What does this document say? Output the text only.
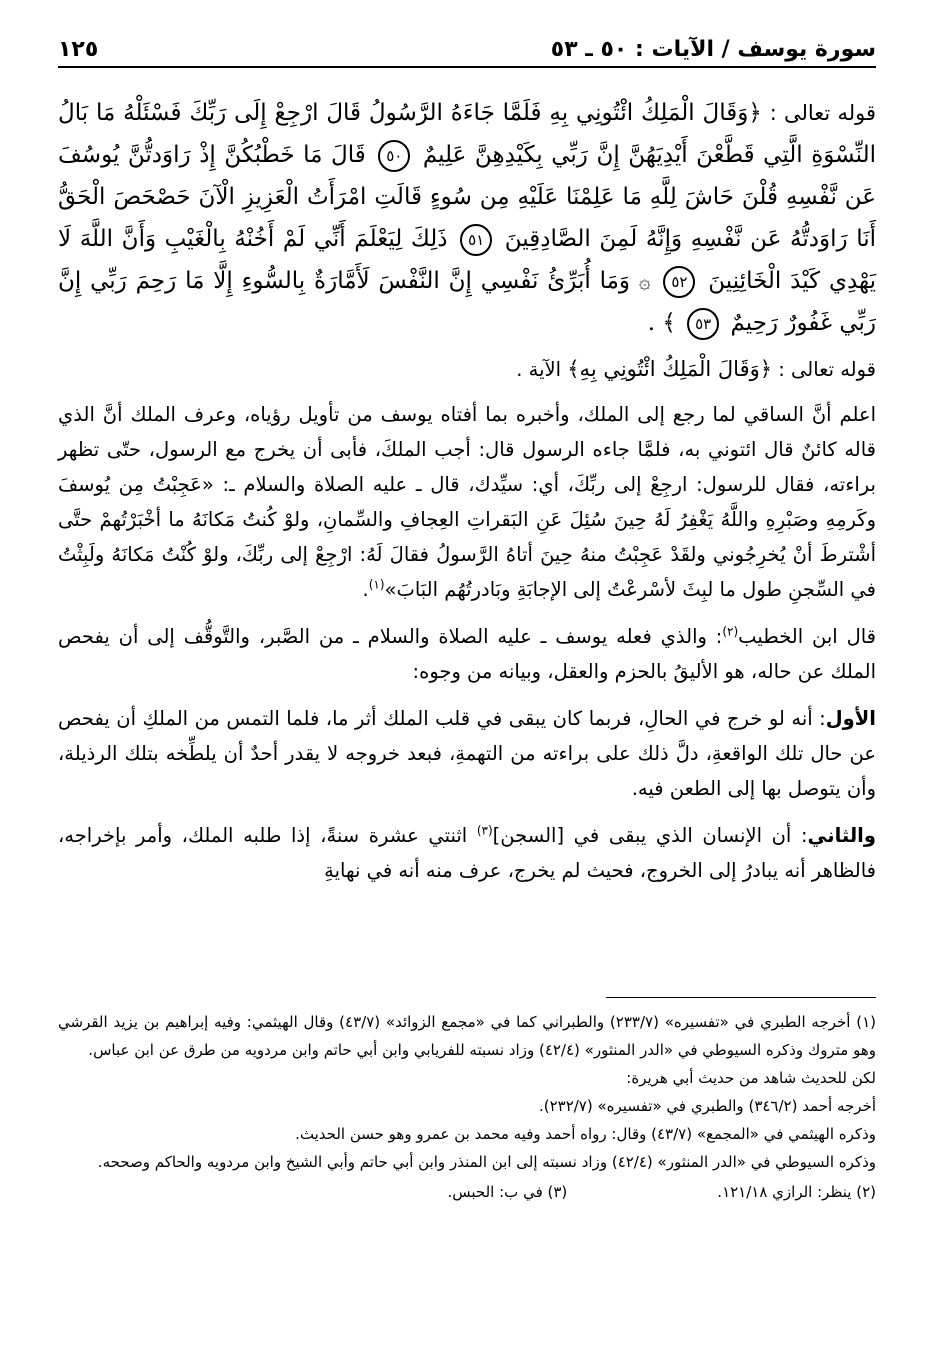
سورة يوسف / الآيات : ٥٠ ـ ٥٣
١٢٥

قوله تعالى : ﴿وَقَالَ الْمَلِكُ ائْتُونِي بِهِ فَلَمَّا جَاءَهُ الرَّسُولُ قَالَ ارْجِعْ إِلَى رَبِّكَ فَسْئَلْهُ مَا بَالُ النِّسْوَةِ الَّتِي قَطَّعْنَ أَيْدِيَهُنَّ إِنَّ رَبِّي بِكَيْدِهِنَّ عَلِيمٌ ٥٠ قَالَ مَا خَطْبُكُنَّ إِذْ رَاوَدتُّنَّ يُوسُفَ عَن نَّفْسِهِ قُلْنَ حَاشَ لِلَّهِ مَا عَلِمْنَا عَلَيْهِ مِن سُوءٍ قَالَتِ امْرَأَتُ الْعَزِيزِ الْآنَ حَصْحَصَ الْحَقُّ أَنَا رَاوَدتُّهُ عَن نَّفْسِهِ وَإِنَّهُ لَمِنَ الصَّادِقِينَ ٥١ ذَلِكَ لِيَعْلَمَ أَنِّي لَمْ أَخُنْهُ بِالْغَيْبِ وَأَنَّ اللَّهَ لَا يَهْدِي كَيْدَ الْخَائِنِينَ ٥٢ ۞ وَمَا أُبَرِّئُ نَفْسِي إِنَّ النَّفْسَ لَأَمَّارَةٌ بِالسُّوءِ إِلَّا مَا رَحِمَ رَبِّي إِنَّ رَبِّي غَفُورٌ رَحِيمٌ ٥٣ ﴾ .

قوله تعالى : ﴿وَقَالَ الْمَلِكُ ائْتُونِي بِهِ﴾ الآية .

اعلم أنَّ الساقي لما رجع إلى الملك، وأخبره بما أفتاه يوسف من تأويل رؤياه، وعرف الملك أنَّ الذي قاله كائنٌ قال ائتوني به، فلمَّا جاءه الرسول قال: أجب الملكَ، فأبى أن يخرج مع الرسول، حتّى تظهر براءته، فقال للرسول: ارجِعْ إلى ربِّكَ، أي: سيِّدك، قال ـ عليه الصلاة والسلام ـ: «عَجِبْتُ مِن يُوسفَ وكَرمِهِ وصَبْرِهِ واللَّهُ يَغْفِرُ لَهُ حِينَ سُئِلَ عَنِ البَقراتِ العِجافِ والسِّمانِ، ولوْ كُنتُ مَكانَهُ ما أخْبَرْتُهمْ حتَّى أشْترطَ أنْ يُخرِجُوني ولقَدْ عَجِبْتُ منهُ حِينَ أتاهُ الرَّسولُ فقالَ لَهُ: ارْجِعْ إلى ربِّكَ، ولوْ كُنْتُ مَكانَهُ ولَبِثْتُ في السِّجنِ طول ما لبِثَ لأسْرعْتُ إلى الإجابَةِ وبَادرتُهُم البَابَ»$^{(١)}$.

قال ابن الخطيب$^{(٢)}$: والذي فعله يوسف ـ عليه الصلاة والسلام ـ من الصَّبر، والتَّوقُّف إلى أن يفحص الملك عن حاله، هو الأليقُ بالحزم والعقل، وبيانه من وجوه:

الأول: أنه لو خرج في الحالِ، فربما كان يبقى في قلب الملك أثر ما، فلما التمس من الملكِ أن يفحص عن حال تلك الواقعةِ، دلَّ ذلك على براءته من التهمةِ، فبعد خروجه لا يقدر أحدٌ أن يلطِّخه بتلك الرذيلة، وأن يتوصل بها إلى الطعن فيه.

والثاني: أن الإنسان الذي يبقى في [السجن]$^{(٣)}$ اثنتي عشرة سنةً، إذا طلبه الملك، وأمر بإخراجه، فالظاهر أنه يبادرُ إلى الخروج، فحيث لم يخرج، عرف منه أنه في نهايةِ

(١) أخرجه الطبري في «تفسيره» (٢٣٣/٧) والطبراني كما في «مجمع الزوائد» (٤٣/٧) وقال الهيثمي: وفيه إبراهيم بن يزيد القرشي وهو متروك وذكره السيوطي في «الدر المنثور» (٤٢/٤) وزاد نسبته للفريابي وابن أبي حاتم وابن مردويه من طرق عن ابن عباس.

لكن للحديث شاهد من حديث أبي هريرة:

أخرجه أحمد (٣٤٦/٢) والطبري في «تفسيره» (٢٣٢/٧).

وذكره الهيثمي في «المجمع» (٤٣/٧) وقال: رواه أحمد وفيه محمد بن عمرو وهو حسن الحديث.

وذكره السيوطي في «الدر المنثور» (٤٢/٤) وزاد نسبته إلى ابن المنذر وابن أبي حاتم وأبي الشيخ وابن مردويه والحاكم وصححه.

(٢) ينظر: الرازي ١٢١/١٨.
(٣) في ب: الحبس.
